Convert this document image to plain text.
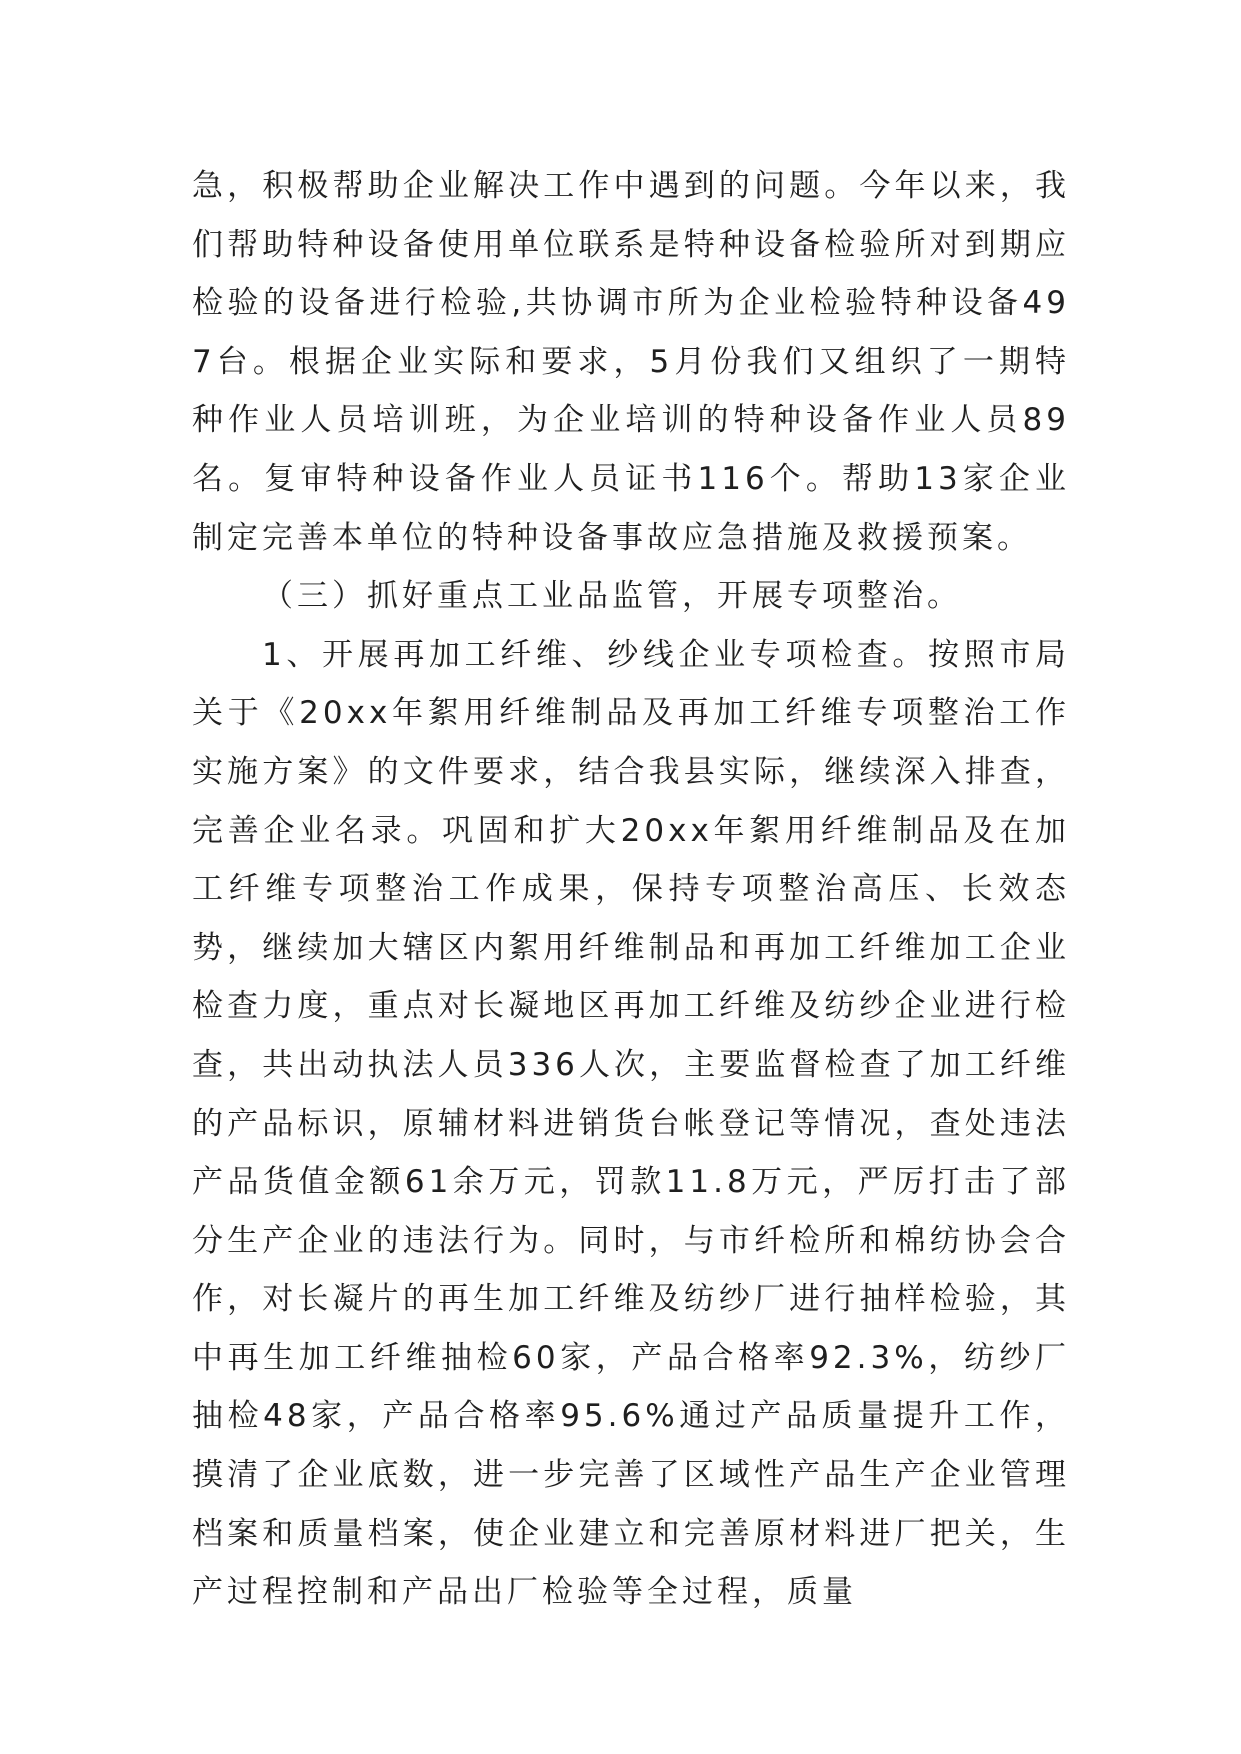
急，积极帮助企业解决工作中遇到的问题。今年以来，我们帮助特种设备使用单位联系是特种设备检验所对到期应检验的设备进行检验,共协调市所为企业检验特种设备497台。根据企业实际和要求，5月份我们又组织了一期特种作业人员培训班，为企业培训的特种设备作业人员89名。复审特种设备作业人员证书116个。帮助13家企业制定完善本单位的特种设备事故应急措施及救援预案。

（三）抓好重点工业品监管，开展专项整治。

1、开展再加工纤维、纱线企业专项检查。按照市局关于《20xx年絮用纤维制品及再加工纤维专项整治工作实施方案》的文件要求，结合我县实际，继续深入排查，完善企业名录。巩固和扩大20xx年絮用纤维制品及在加工纤维专项整治工作成果，保持专项整治高压、长效态势，继续加大辖区内絮用纤维制品和再加工纤维加工企业检查力度，重点对长凝地区再加工纤维及纺纱企业进行检查，共出动执法人员336人次，主要监督检查了加工纤维的产品标识，原辅材料进销货台帐登记等情况，查处违法产品货值金额61余万元，罚款11.8万元，严厉打击了部分生产企业的违法行为。同时，与市纤检所和棉纺协会合作，对长凝片的再生加工纤维及纺纱厂进行抽样检验，其中再生加工纤维抽检60家，产品合格率92.3%，纺纱厂抽检48家，产品合格率95.6%通过产品质量提升工作，摸清了企业底数，进一步完善了区域性产品生产企业管理档案和质量档案，使企业建立和完善原材料进厂把关，生产过程控制和产品出厂检验等全过程，质量
